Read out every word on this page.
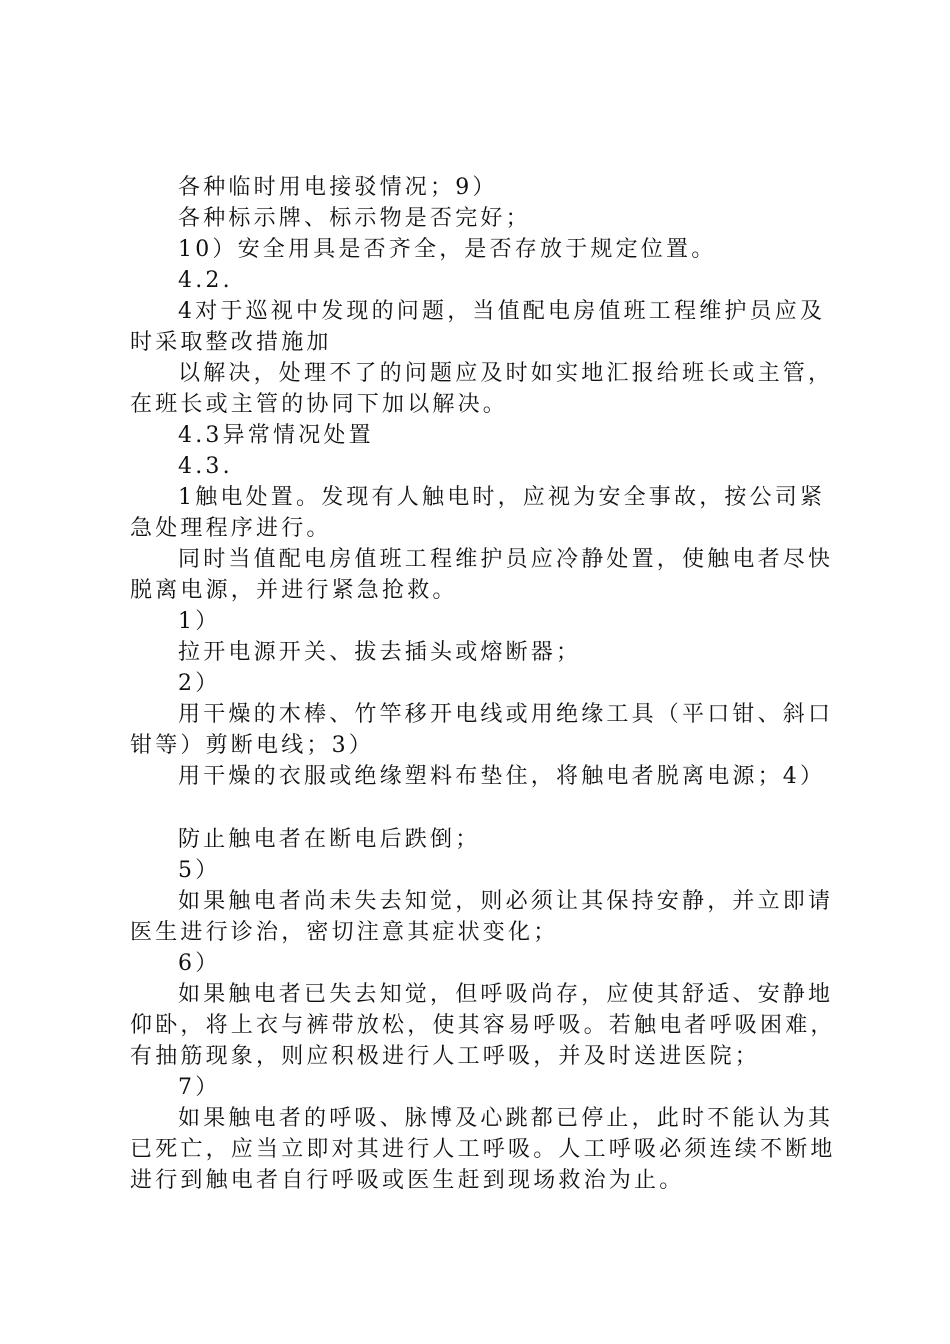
各种临时用电接驳情况；9）

各种标示牌、标示物是否完好；

10）安全用具是否齐全，是否存放于规定位置。

4.2.

4对于巡视中发现的问题，当值配电房值班工程维护员应及时采取整改措施加

以解决，处理不了的问题应及时如实地汇报给班长或主管，在班长或主管的协同下加以解决。

4.3异常情况处置

4.3.

1触电处置。发现有人触电时，应视为安全事故，按公司紧急处理程序进行。

同时当值配电房值班工程维护员应冷静处置，使触电者尽快脱离电源，并进行紧急抢救。

1）

拉开电源开关、拔去插头或熔断器；

2）

用干燥的木棒、竹竿移开电线或用绝缘工具（平口钳、斜口钳等）剪断电线；3）

用干燥的衣服或绝缘塑料布垫住，将触电者脱离电源；4）

防止触电者在断电后跌倒；

5）

如果触电者尚未失去知觉，则必须让其保持安静，并立即请医生进行诊治，密切注意其症状变化；

6）

如果触电者已失去知觉，但呼吸尚存，应使其舒适、安静地仰卧，将上衣与裤带放松，使其容易呼吸。若触电者呼吸困难，有抽筋现象，则应积极进行人工呼吸，并及时送进医院；

7）

如果触电者的呼吸、脉博及心跳都已停止，此时不能认为其已死亡，应当立即对其进行人工呼吸。人工呼吸必须连续不断地进行到触电者自行呼吸或医生赶到现场救治为止。
